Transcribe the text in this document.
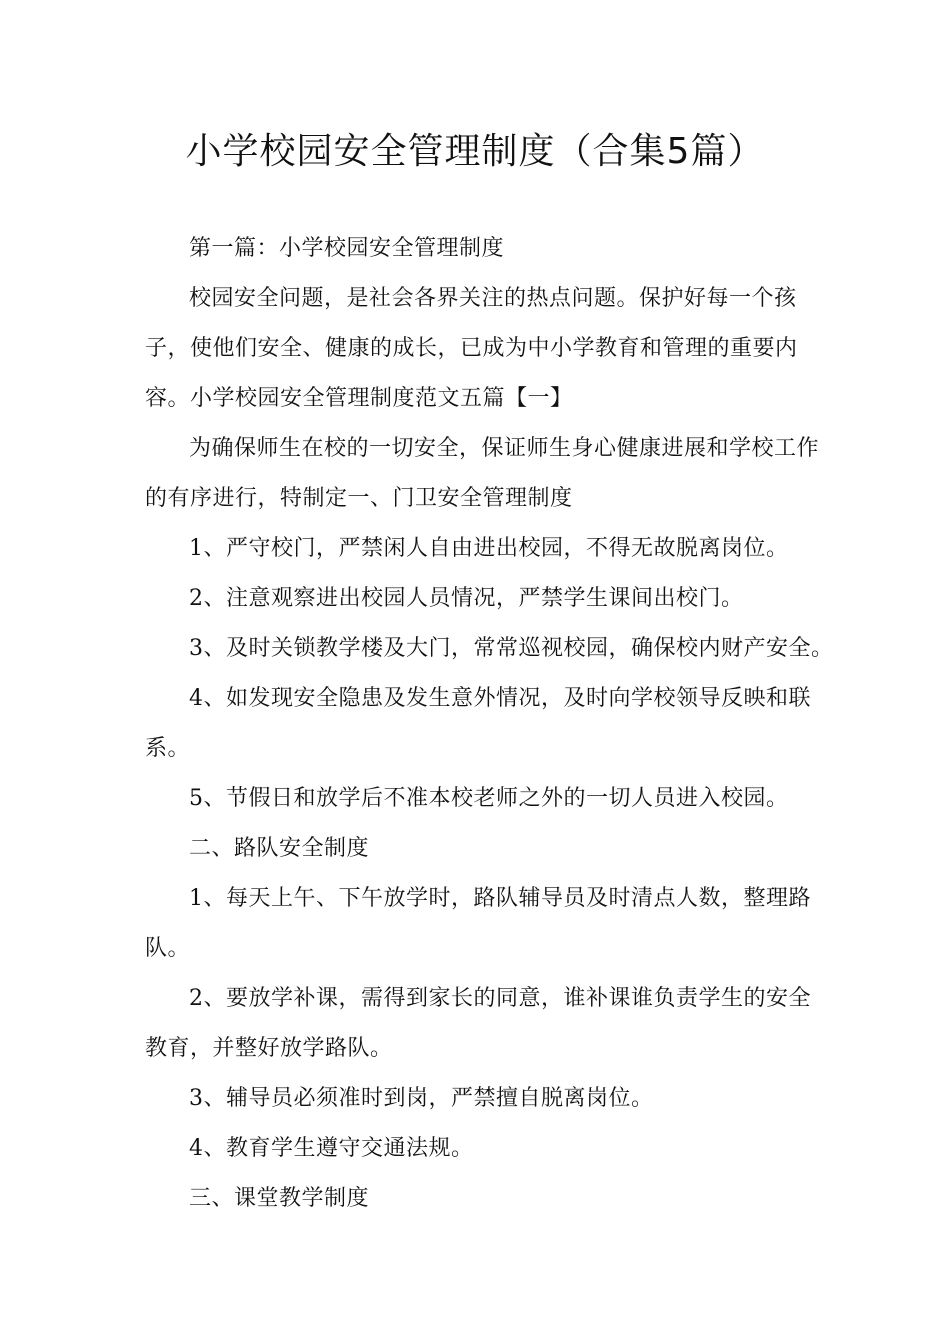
小学校园安全管理制度（合集5篇）

第一篇：小学校园安全管理制度

校园安全问题，是社会各界关注的热点问题。保护好每一个孩子，使他们安全、健康的成长，已成为中小学教育和管理的重要内容。小学校园安全管理制度范文五篇【一】

为确保师生在校的一切安全，保证师生身心健康进展和学校工作的有序进行，特制定一、门卫安全管理制度

1、严守校门，严禁闲人自由进出校园，不得无故脱离岗位。

2、注意观察进出校园人员情况，严禁学生课间出校门。

3、及时关锁教学楼及大门，常常巡视校园，确保校内财产安全。

4、如发现安全隐患及发生意外情况，及时向学校领导反映和联系。

5、节假日和放学后不准本校老师之外的一切人员进入校园。

二、路队安全制度

1、每天上午、下午放学时，路队辅导员及时清点人数，整理路队。

2、要放学补课，需得到家长的同意，谁补课谁负责学生的安全教育，并整好放学路队。

3、辅导员必须准时到岗，严禁擅自脱离岗位。

4、教育学生遵守交通法规。

三、课堂教学制度
